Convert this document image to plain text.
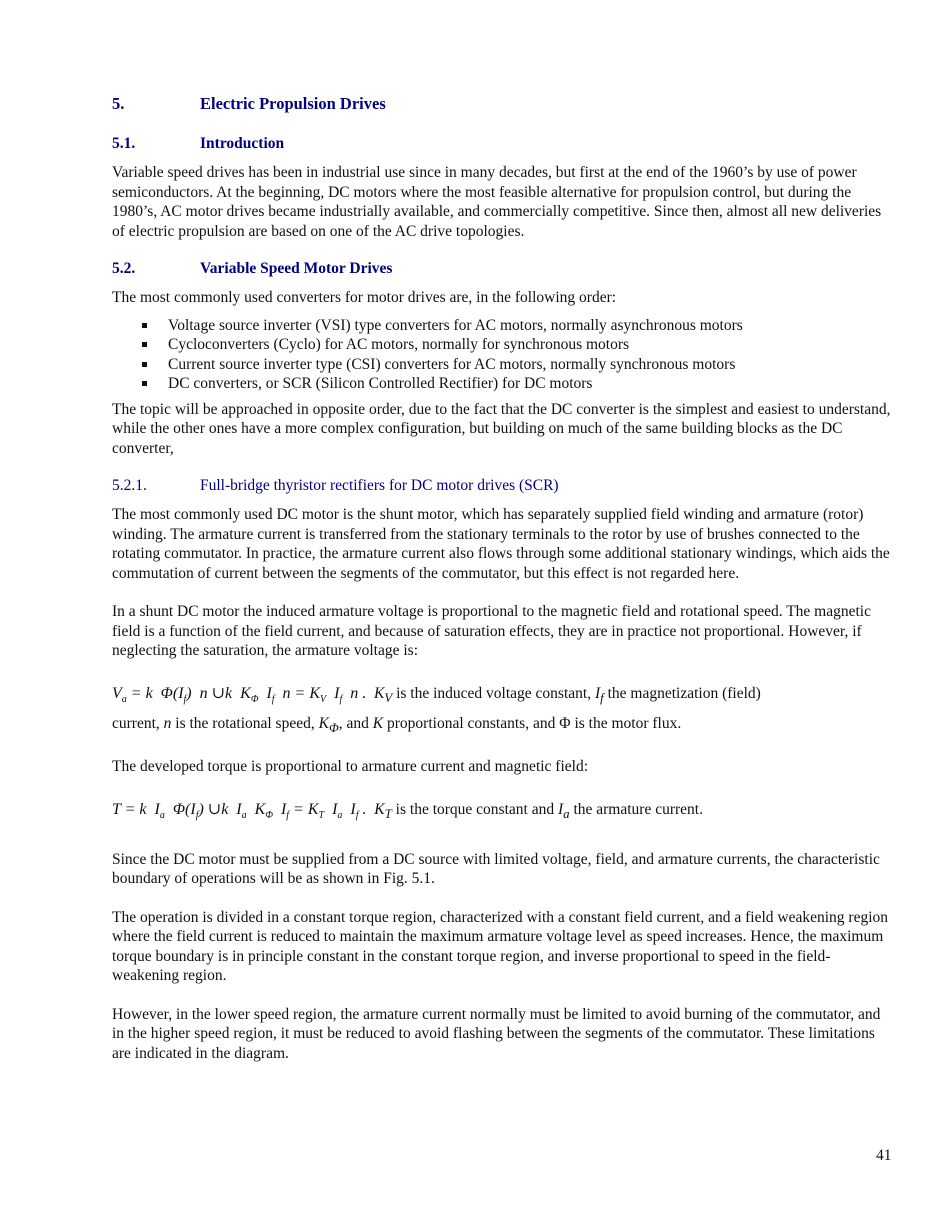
5.	Electric Propulsion Drives
5.1.	Introduction

Variable speed drives has been in industrial use since in many decades, but first at the end of the 1960’s by use of power semiconductors. At the beginning, DC motors where the most feasible alternative for propulsion control, but during the 1980’s, AC motor drives became industrially available, and commercially competitive. Since then, almost all new deliveries of electric propulsion are based on one of the AC drive topologies.

5.2.	Variable Speed Motor Drives

The most commonly used converters for motor drives are, in the following order:

Voltage source inverter (VSI) type converters for AC motors, normally asynchronous motors
Cycloconverters (Cyclo) for AC motors, normally for synchronous motors
Current source inverter type (CSI) converters for AC motors, normally synchronous motors
DC converters, or SCR (Silicon Controlled Rectifier) for DC motors

The topic will be approached in opposite order, due to the fact that the DC converter is the simplest and easiest to understand, while the other ones have a more complex configuration, but building on much of the same building blocks as the DC converter,

5.2.1.	Full-bridge thyristor rectifiers for DC motor drives (SCR)

The most commonly used DC motor is the shunt motor, which has separately supplied field winding and armature (rotor) winding. The armature current is transferred from the stationary terminals to the rotor by use of brushes connected to the rotating commutator. In practice, the armature current also flows through some additional stationary windings, which aids the commutation of current between the segments of the commutator, but this effect is not regarded here.

In a shunt DC motor the induced armature voltage is proportional to the magnetic field and rotational speed. The magnetic field is a function of the field current, and because of saturation effects, they are in practice not proportional. However, if neglecting the saturation, the armature voltage is:

$V_a = k$  $\Phi(I_f)$  n ∪k  $K_\Phi$  $I_f$  $n = K_V$  $I_f$  n .  $K_V$ is the induced voltage constant, $I_f$ the magnetization (field)
current, n is the rotational speed, $K_\Phi$, and K proportional constants, and Φ is the motor flux.

The developed torque is proportional to armature current and magnetic field:

T = k  $I_a$  $\Phi(I_f)$ ∪k  $I_a$  $K_\Phi$  $I_f = K_T$  $I_a$  $I_f$ .  $K_T$ is the torque constant and $I_a$ the armature current.

Since the DC motor must be supplied from a DC source with limited voltage, field, and armature currents, the characteristic boundary of operations will be as shown in Fig. 5.1.

The operation is divided in a constant torque region, characterized with a constant field current, and a field weakening region where the field current is reduced to maintain the maximum armature voltage level as speed increases. Hence, the maximum torque boundary is in principle constant in the constant torque region, and inverse proportional to speed in the field-weakening region.

However, in the lower speed region, the armature current normally must be limited to avoid burning of the commutator, and in the higher speed region, it must be reduced to avoid flashing between the segments of the commutator. These limitations are indicated in the diagram.

41
